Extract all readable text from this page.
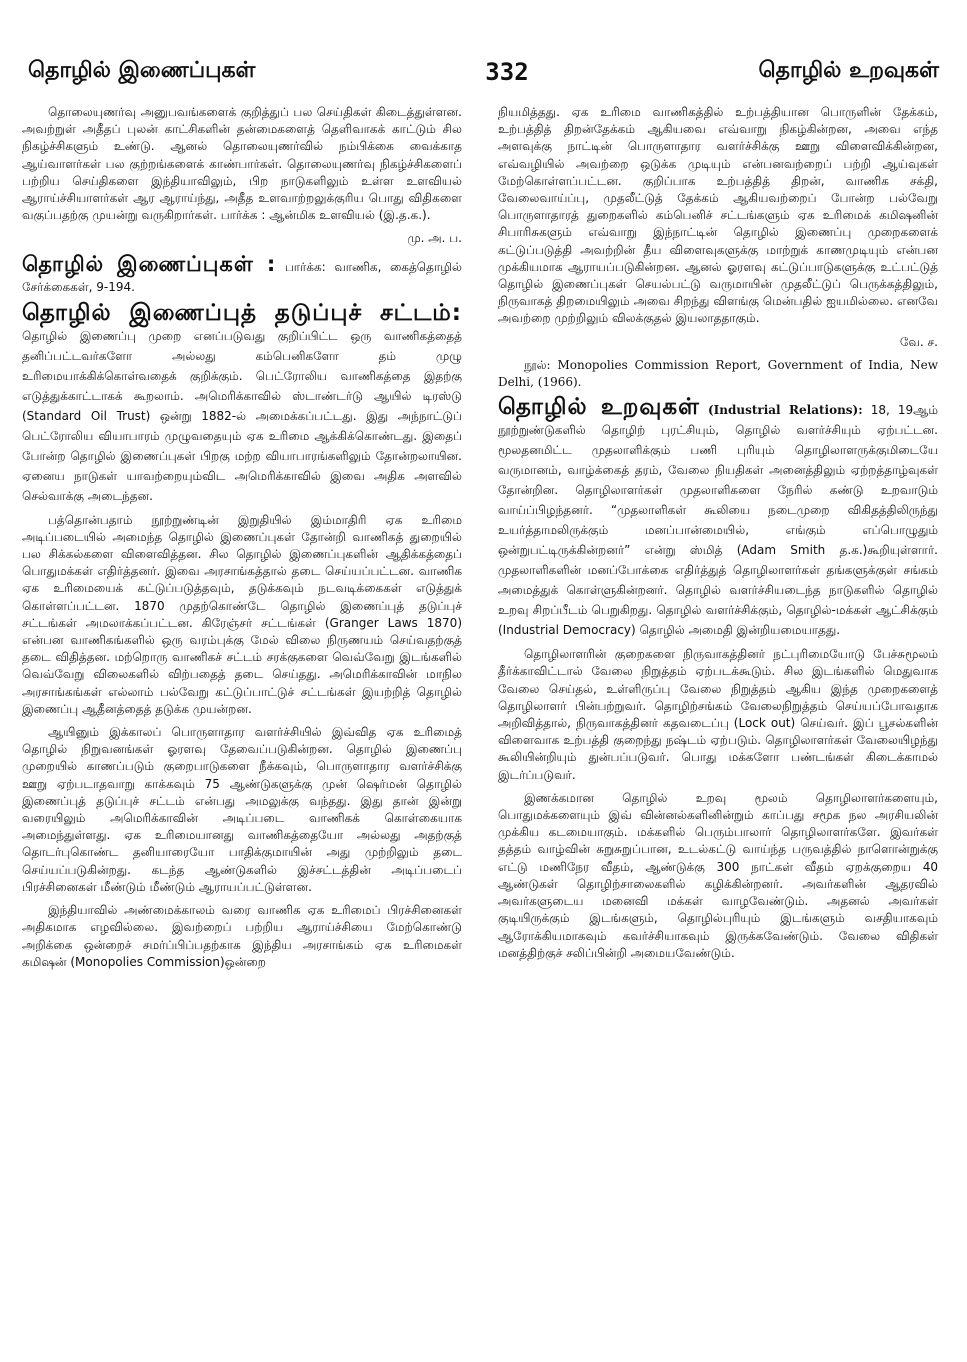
தொழில் இணைப்புகள்	332	தொழில் உறவுகள்

தொலையுணர்வு அனுபவங்களைக் குறித்துப் பல செய்திகள் கிடைத்துள்ளன. அவற்றுள் அதீதப் புலன் காட்சிகளின் தன்மைகளைத் தெளிவாகக் காட்டும் சில நிகழ்ச்சிகளும் உண்டு. ஆனல் தொலையுணர்வில் நம்பிக்கை வைக்காத ஆய்வாளர்கள் பல குற்றங்களைக் காண்பார்கள். தொலையுணர்வு நிகழ்ச்சிகளைப் பற்றிய செய்திகளை இந்தியாவிலும், பிற நாடுகளிலும் உள்ள உளவியல் ஆராய்ச்சியாளர்கள் ஆர ஆராய்ந்து, அதீத உளவாற்றலுக்குரிய பொது விதிகளை வகுப்பதற்கு முயன்று வருகிறார்கள். பார்க்க : ஆன்மிக உளவியல் (இ.த.க.).

மு. அ. ப.
தொழில் இணைப்புகள் : பார்க்க: வாணிக, கைத்தொழில் சேர்க்கைகள், 9-194.
தொழில் இணைப்புத் தடுப்புச் சட்டம்: தொழில் இணைப்பு முறை எனப்படுவது குறிப்பிட்ட ஒரு வாணிகத்தைத் தனிப்பட்டவர்களோ அல்லது கம்பெனிகளோ தம் முழு உரிமையாக்கிக்கொள்வதைக் குறிக்கும். பெட்ரோலிய வாணிகத்தை இதற்கு எடுத்துக்காட்டாகக் கூறலாம். அமெரிக்காவில் ஸ்டாண்டர்டு ஆயில் டிரஸ்டு (Standard Oil Trust) ஒன்று 1882-ல் அமைக்கப்பட்டது. இது அந்நாட்டுப் பெட்ரோலிய வியாபாரம் முழுவதையும் ஏக உரிமை ஆக்கிக்கொண்டது. இதைப் போன்ற தொழில் இணைப்புகள் பிறகு மற்ற வியாபாரங்களிலும் தோன்றலாயின. ஏனைய நாடுகள் யாவற்றையும்விட அமெரிக்காவில் இவை அதிக அளவில் செல்வாக்கு அடைந்தன.

பத்தொன்பதாம் நூற்றுண்டின் இறுதியில் இம்மாதிரி ஏக உரிமை அடிப்படையில் அமைந்த தொழில் இணைப்புகள் தோன்றி வாணிகத் துறையில் பல சிக்கல்களை விளைவித்தன. சில தொழில் இணைப்புகளின் ஆதிக்கத்தைப் பொதுமக்கள் எதிர்த்தனர். இவை அரசாங்கத்தால் தடை செய்யப்பட்டன. வாணிக ஏக உரிமையைக் கட்டுப்படுத்தவும், தடுக்கவும் நடவடிக்கைகள் எடுத்துக் கொள்ளப்பட்டன. 1870 முதற்கொண்டே தொழில் இணைப்புத் தடுப்புச் சட்டங்கள் அமலாக்கப்பட்டன. கிரேஞ்சர் சட்டங்கள் (Granger Laws 1870) என்பன வாணிகங்களில் ஒரு வரம்புக்கு மேல் விலை நிருணயம் செய்வதற்குத் தடை விதித்தன. மற்றொரு வாணிகச் சட்டம் சரக்குகளை வெவ்வேறு இடங்களில் வெவ்வேறு விலைகளில் விற்பதைத் தடை செய்தது. அமெரிக்காவின் மாநில அரசாங்கங்கள் எல்லாம் பல்வேறு கட்டுப்பாட்டுச் சட்டங்கள் இயற்றித் தொழில் இணைப்பு ஆதீனத்தைத் தடுக்க முயன்றன.

ஆயினும் இக்காலப் பொருளாதார வளர்ச்சியில் இவ்வித ஏக உரிமைத் தொழில் நிறுவனங்கள் ஓரளவு தேவைப்படுகின்றன. தொழில் இணைப்பு முறையில் காணப்படும் குறைபாடுகளை நீக்கவும், பொருளாதார வளர்ச்சிக்கு ஊறு ஏற்படாதவாறு காக்கவும் 75 ஆண்டுகளுக்கு முன் ஷெர்மன் தொழில் இணைப்புத் தடுப்புச் சட்டம் என்பது அமலுக்கு வந்தது. இது தான் இன்று வரையிலும் அமெரிக்காவின் அடிப்படை வாணிகக் கொள்கையாக அமைந்துள்ளது. ஏக உரிமையானது வாணிகத்தையோ அல்லது அதற்குத் தொடர்புகொண்ட தனியாரையோ பாதிக்குமாயின் அது முற்றிலும் தடை செய்யப்படுகின்றது. கடந்த ஆண்டுகளில் இச்சட்டத்தின் அடிப்படைப் பிரச்சினைகள் மீண்டும் மீண்டும் ஆராயப்பட்டுள்ளன.

இந்தியாவில் அண்மைக்காலம் வரை வாணிக ஏக உரிமைப் பிரச்சினைகள் அதிகமாக எழவில்லை. இவற்றைப் பற்றிய ஆராய்ச்சியை மேற்கொண்டு அறிக்கை ஒன்றைச் சமர்ப்பிப்பதற்காக இந்திய அரசாங்கம் ஏக உரிமைகள் கமிஷன் (Monopolies Commission)ஒன்றை

நியமித்தது. ஏக உரிமை வாணிகத்தில் உற்பத்தியான பொருளின் தேக்கம், உற்பத்தித் திறன்தேக்கம் ஆகியவை எவ்வாறு நிகழ்கின்றன, அவை எந்த அளவுக்கு நாட்டின் பொருளாதார வளர்ச்சிக்கு ஊறு விளைவிக்கின்றன, எவ்வழியில் அவற்றை ஒடுக்க முடியும் என்பனவற்றைப் பற்றி ஆய்வுகள் மேற்கொள்ளப்பட்டன. குறிப்பாக உற்பத்தித் திறன், வாணிக சக்தி, வேலைவாய்ப்பு, முதலீட்டுத் தேக்கம் ஆகியவற்றைப் போன்ற பல்வேறு பொருளாதாரத் துறைகளில் கம்பெனிச் சட்டங்களும் ஏக உரிமைக் கமிஷனின் சிபாரிசுகளும் எவ்வாறு இந்நாட்டின் தொழில் இணைப்பு முறைகளைக் கட்டுப்படுத்தி அவற்றின் தீய விளைவுகளுக்கு மாற்றுக் காணமுடியும் என்பன முக்கியமாக ஆராயப்படுகின்றன. ஆனல் ஓரளவு கட்டுப்பாடுகளுக்கு உட்பட்டுத் தொழில் இணைப்புகள் செயல்பட்டு வருமாயின் முதலீட்டுப் பெருக்கத்திலும், நிருவாகத் திறமையிலும் அவை சிறந்து விளங்கு மென்பதில் ஐயமில்லை. எனவே அவற்றை முற்றிலும் விலக்குதல் இயலாததாகும்.

வே. ச.

நூல்: Monopolies Commission Report, Government of India, New Delhi, (1966).

தொழில் உறவுகள் (Industrial Relations): 18, 19ஆம் நூற்றுண்டுகளில் தொழிற் புரட்சியும், தொழில் வளர்ச்சியும் ஏற்பட்டன. மூலதனமிட்ட முதலாளிக்கும் பணி புரியும் தொழிலாளருக்குமிடையே வருமானம், வாழ்க்கைத் தரம், வேலை நியதிகள் அனைத்திலும் ஏற்றத்தாழ்வுகள் தோன்றின. தொழிலாளர்கள் முதலாளிகளை நேரில் கண்டு உறவாடும் வாய்ப்பிழந்தனர். “முதலாளிகள் கூலியை நடைமுறை விகிதத்திலிருந்து உயர்த்தாமலிருக்கும் மனப்பான்மையில், எங்கும் எப்பொழுதும் ஒன்றுபட்டிருக்கின்றனர்” என்று ஸ்மித் (Adam Smith த.க.)கூறியுள்ளார். முதலாளிகளின் மனப்போக்கை எதிர்த்துத் தொழிலாளர்கள் தங்களுக்குள் சங்கம் அமைத்துக் கொள்ளுகின்றனர். தொழில் வளர்ச்சியடைந்த நாடுகளில் தொழில் உறவு சிறப்பீடம் பெறுகிறது. தொழில் வளர்ச்சிக்கும், தொழில்-மக்கள் ஆட்சிக்கும் (Industrial Democracy) தொழில் அமைதி இன்றியமையாதது.

தொழிலாளரின் குறைகளை நிருவாகத்தினர் நட்புரிமையோடு பேச்சுமூலம் தீர்க்காவிட்டால் வேலை நிறுத்தம் ஏற்படக்கூடும். சில இடங்களில் மெதுவாக வேலை செய்தல், உள்ளிருப்பு வேலை நிறுத்தம் ஆகிய இந்த முறைகளைத் தொழிலாளர் பின்பற்றுவர். தொழிற்சங்கம் வேலைநிறுத்தம் செய்யப்போவதாக அறிவித்தால், நிருவாகத்தினர் கதவடைப்பு (Lock out) செய்வர். இப் பூசல்களின் விளைவாக உற்பத்தி குறைந்து நஷ்டம் ஏற்படும். தொழிலாளர்கள் வேலையிழந்து கூலியின்றியும் துன்பப்படுவர். பொது மக்களோ பண்டங்கள் கிடைக்காமல் இடர்ப்படுவர்.

இணக்கமான தொழில் உறவு மூலம் தொழிலாளர்களையும், பொதுமக்களையும் இவ் வின்னல்களினின்றும் காப்பது சமூக நல அரசியலின் முக்கிய கடமையாகும். மக்களில் பெரும்பாலார் தொழிலாளர்களே. இவர்கள் தத்தம் வாழ்வின் சுறுசுறுப்பான, உடல்கட்டு வாய்ந்த பருவத்தில் நாளொன்றுக்கு எட்டு மணிநேர வீதம், ஆண்டுக்கு 300 நாட்கள் வீதம் ஏறக்குறைய 40 ஆண்டுகள் தொழிற்சாலைகளில் கழிக்கின்றனர். அவர்களின் ஆதரவில் அவர்களுடைய மனைவி மக்கள் வாழவேண்டும். அதனல் அவர்கள் குடியிருக்கும் இடங்களும், தொழில்புரியும் இடங்களும் வசதியாகவும் ஆரோக்கியமாகவும் கவர்ச்சியாகவும் இருக்கவேண்டும். வேலை விதிகள் மனத்திற்குச் சலிப்பின்றி அமையவேண்டும்.
